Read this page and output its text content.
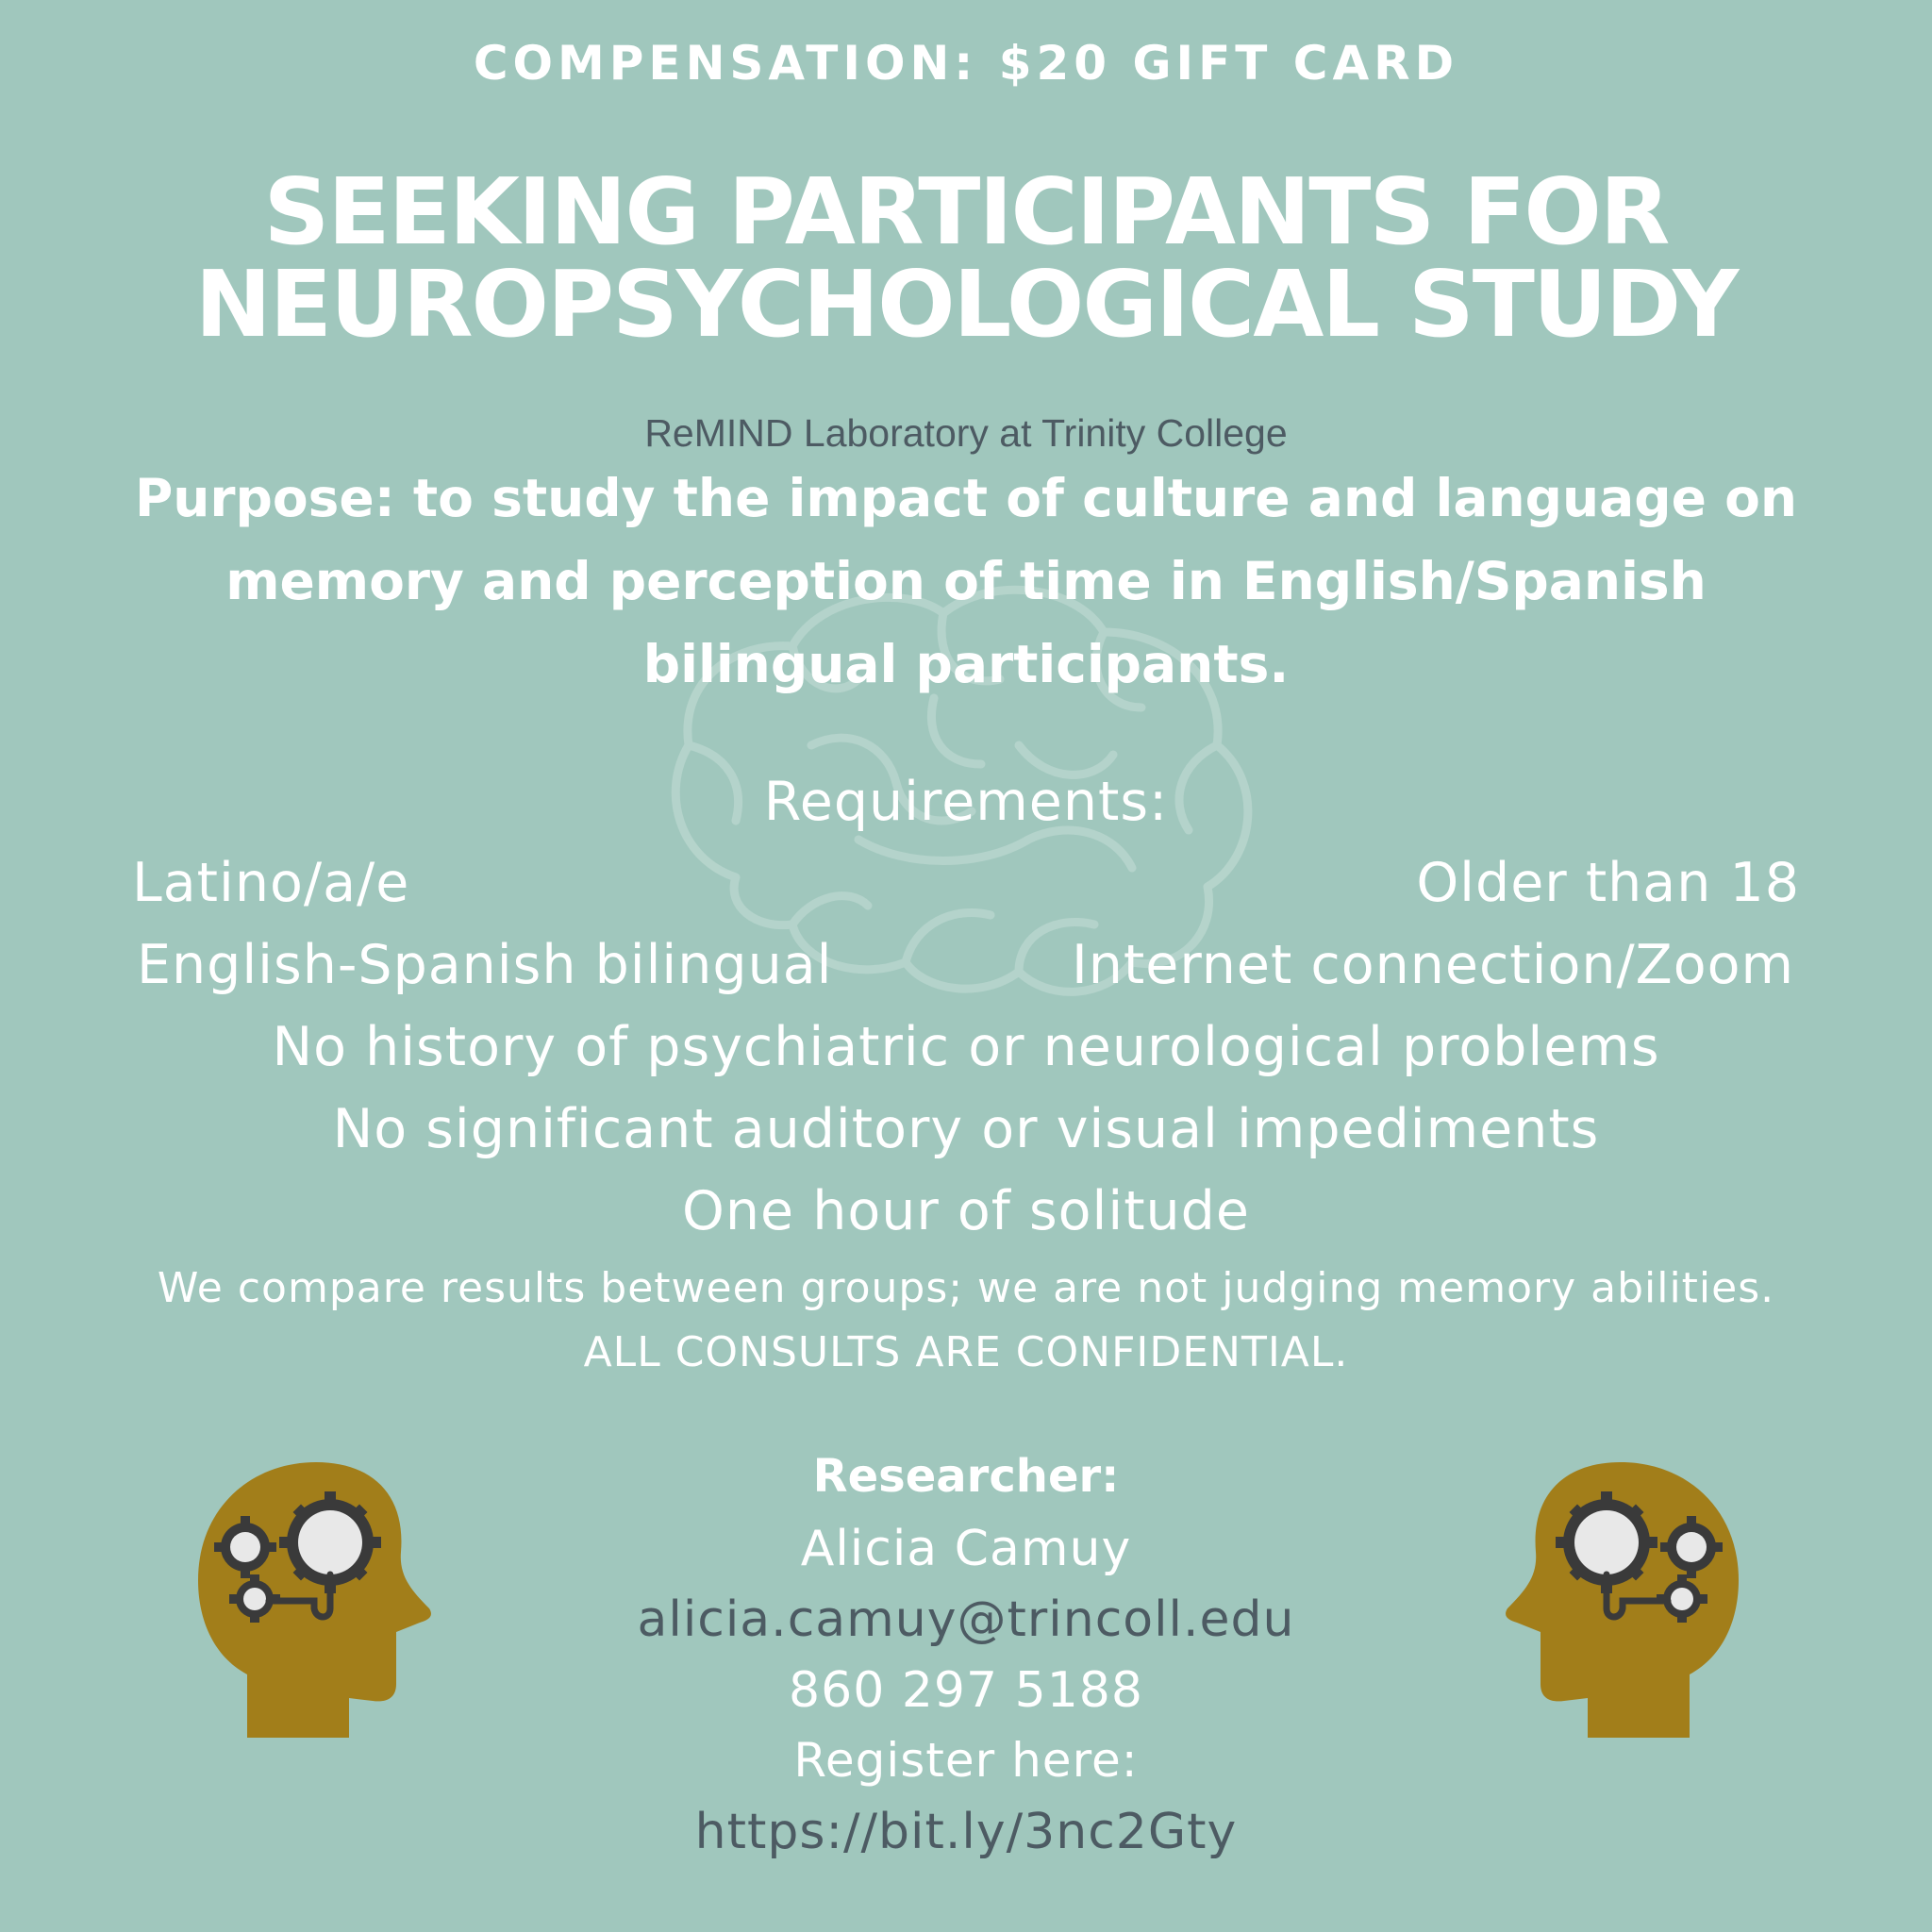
COMPENSATION: $20 GIFT CARD
SEEKING PARTICIPANTS FOR
NEUROPSYCHOLOGICAL STUDY
ReMIND Laboratory at Trinity College
Purpose: to study the impact of culture and language on memory and perception of time in English/Spanish bilingual participants.
Requirements:
Latino/a/e	Older than 18
English-Spanish bilingual	Internet connection/Zoom
No history of psychiatric or neurological problems
No significant auditory or visual impediments
One hour of solitude
We compare results between groups; we are not judging memory abilities.
ALL CONSULTS ARE CONFIDENTIAL.
Researcher:
Alicia Camuy
alicia.camuy@trincoll.edu
860 297 5188
Register here:
https://bit.ly/3nc2Gty
